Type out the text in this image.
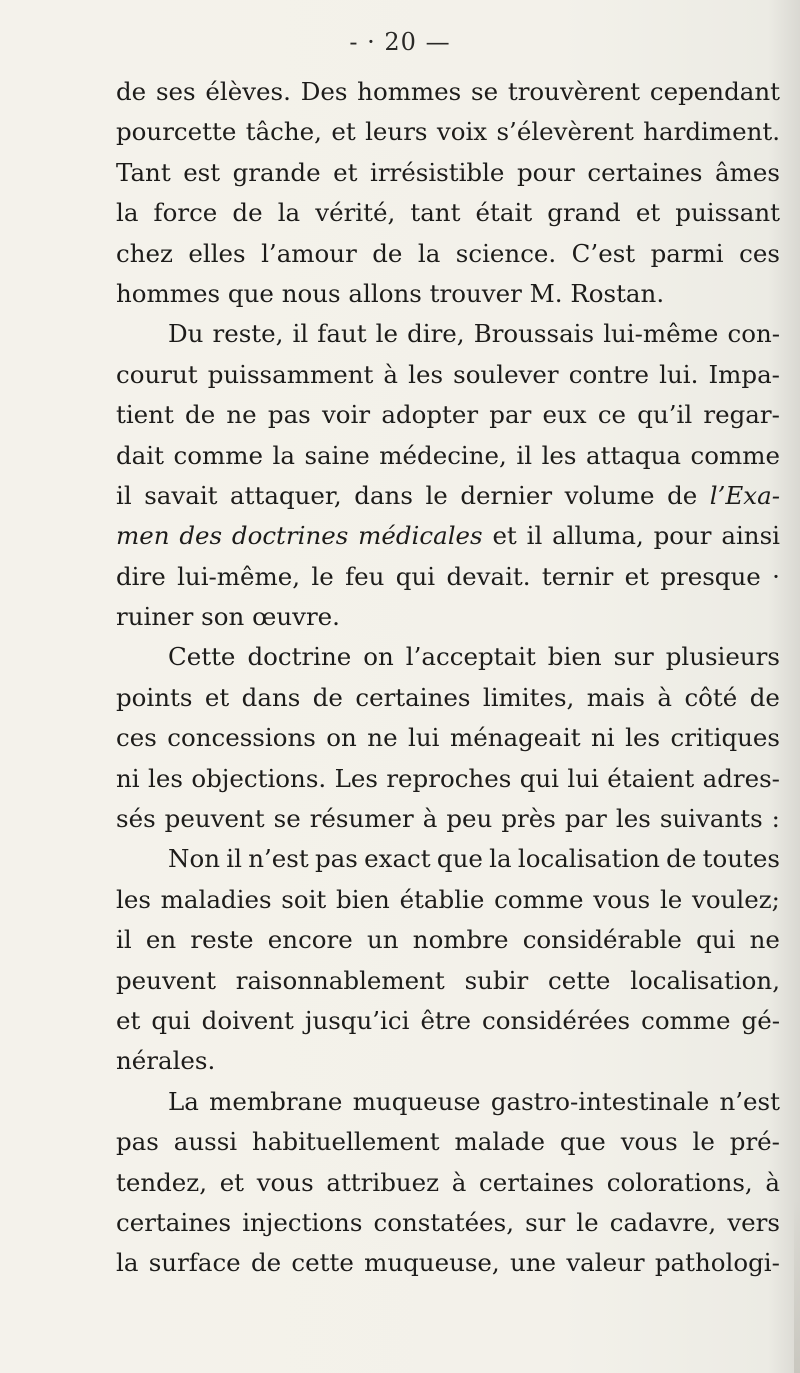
- · 20 —
de ses élèves. Des hommes se trouvèrent cependant
pourcette tâche, et leurs voix s’élevèrent hardiment.
Tant est grande et irrésistible pour certaines âmes
la force de la vérité, tant était grand et puissant
chez elles l’amour de la science. C’est parmi ces
hommes que nous allons trouver M. Rostan.
Du reste, il faut le dire, Broussais lui-même con-
courut puissamment à les soulever contre lui. Impa-
tient de ne pas voir adopter par eux ce qu’il regar-
dait comme la saine médecine, il les attaqua comme
il savait attaquer, dans le dernier volume de l’Exa-
men des doctrines médicales et il alluma, pour ainsi
dire lui-même, le feu qui devait. ternir et presque ·
ruiner son œuvre.
Cette doctrine on l’acceptait bien sur plusieurs
points et dans de certaines limites, mais à côté de
ces concessions on ne lui ménageait ni les critiques
ni les objections. Les reproches qui lui étaient adres-
sés peuvent se résumer à peu près par les suivants :
Non il n’est pas exact que la localisation de toutes
les maladies soit bien établie comme vous le voulez;
il en reste encore un nombre considérable qui ne
peuvent raisonnablement subir cette localisation,
et qui doivent jusqu’ici être considérées comme gé-
nérales.
La membrane muqueuse gastro-intestinale n’est
pas aussi habituellement malade que vous le pré-
tendez, et vous attribuez à certaines colorations, à
certaines injections constatées, sur le cadavre, vers
la surface de cette muqueuse, une valeur pathologi-
